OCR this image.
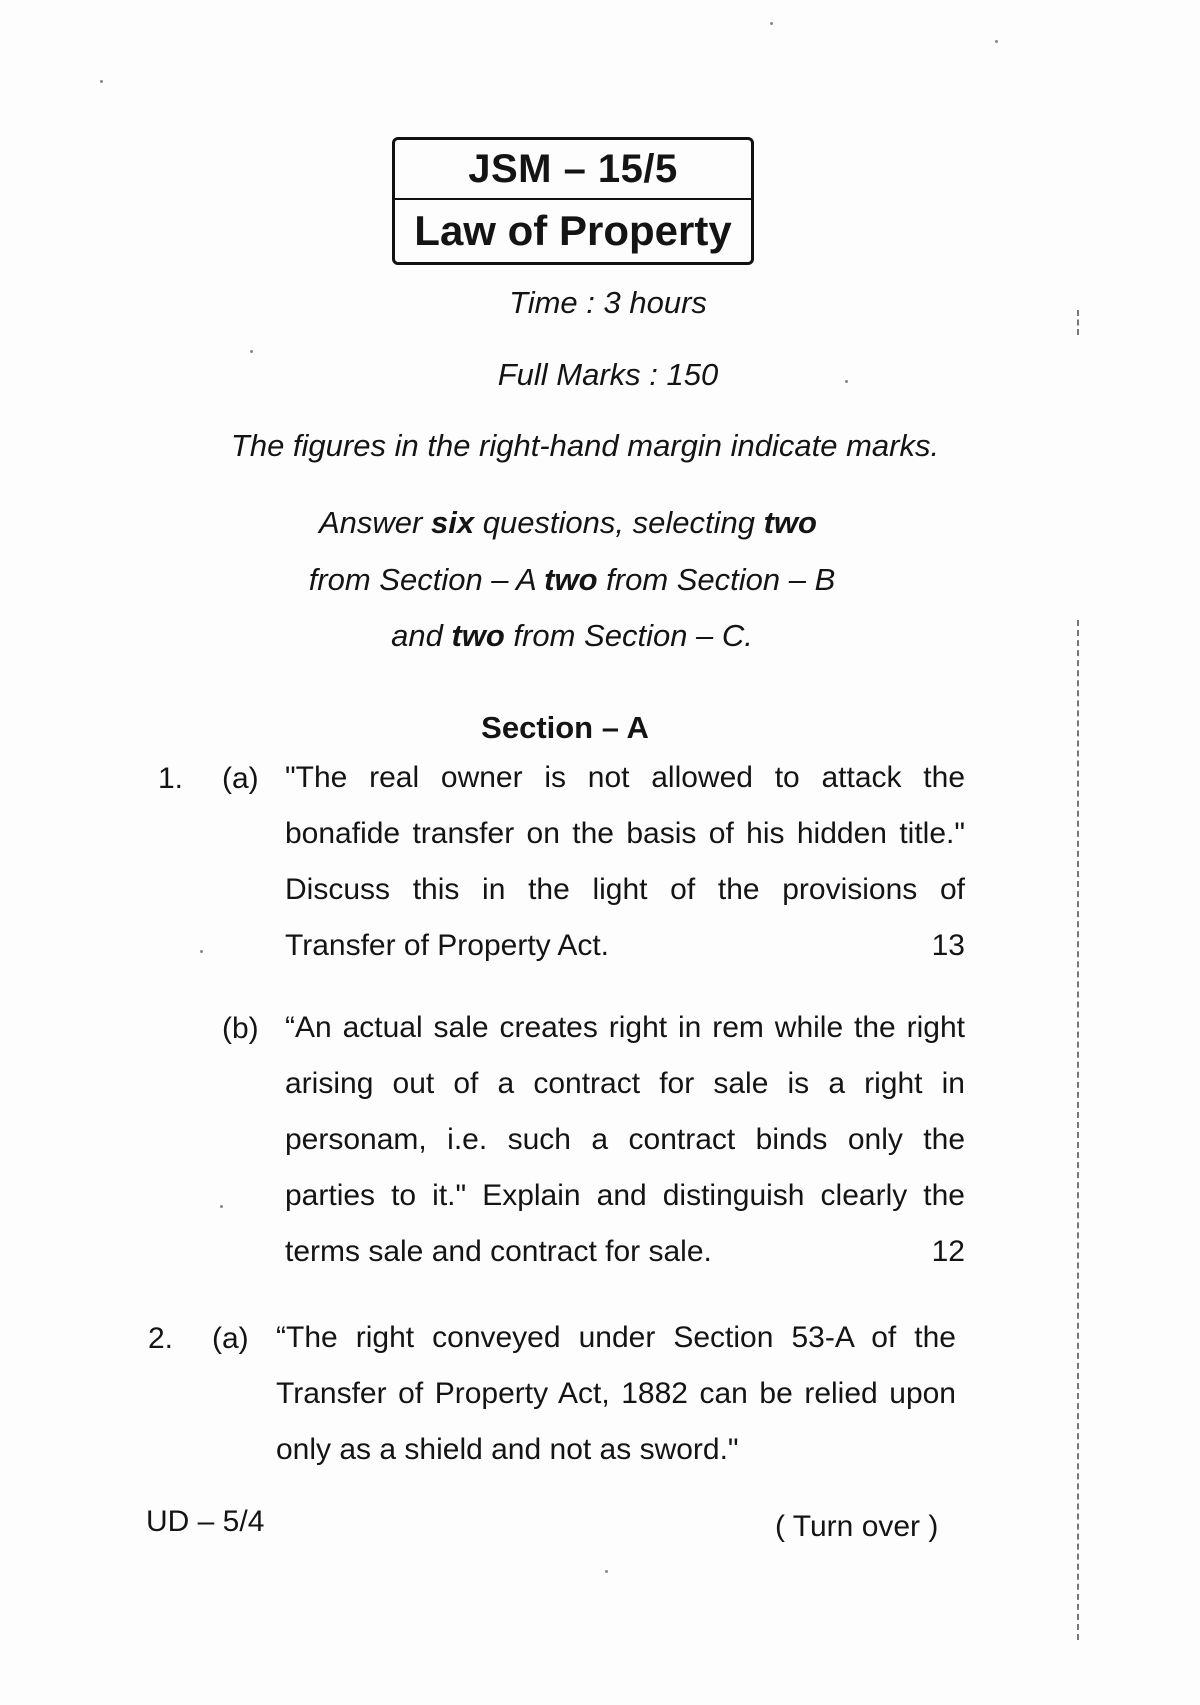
JSM – 15/5
Law of Property
Time : 3 hours
Full Marks : 150
The figures in the right-hand margin indicate marks.
Answer six questions, selecting two
from Section – A two from Section – B
and two from Section – C.
Section – A
1. (a) "The real owner is not allowed to attack the bonafide transfer on the basis of his hidden title." Discuss this in the light of the provisions of Transfer of Property Act.	13
(b) “An actual sale creates right in rem while the right arising out of a contract for sale is a right in personam, i.e. such a contract binds only the parties to it." Explain and distinguish clearly the terms sale and contract for sale.	12
2. (a) “The right conveyed under Section 53-A of the Transfer of Property Act, 1882 can be relied upon only as a shield and not as sword."
UD – 5/4	( Turn over )
